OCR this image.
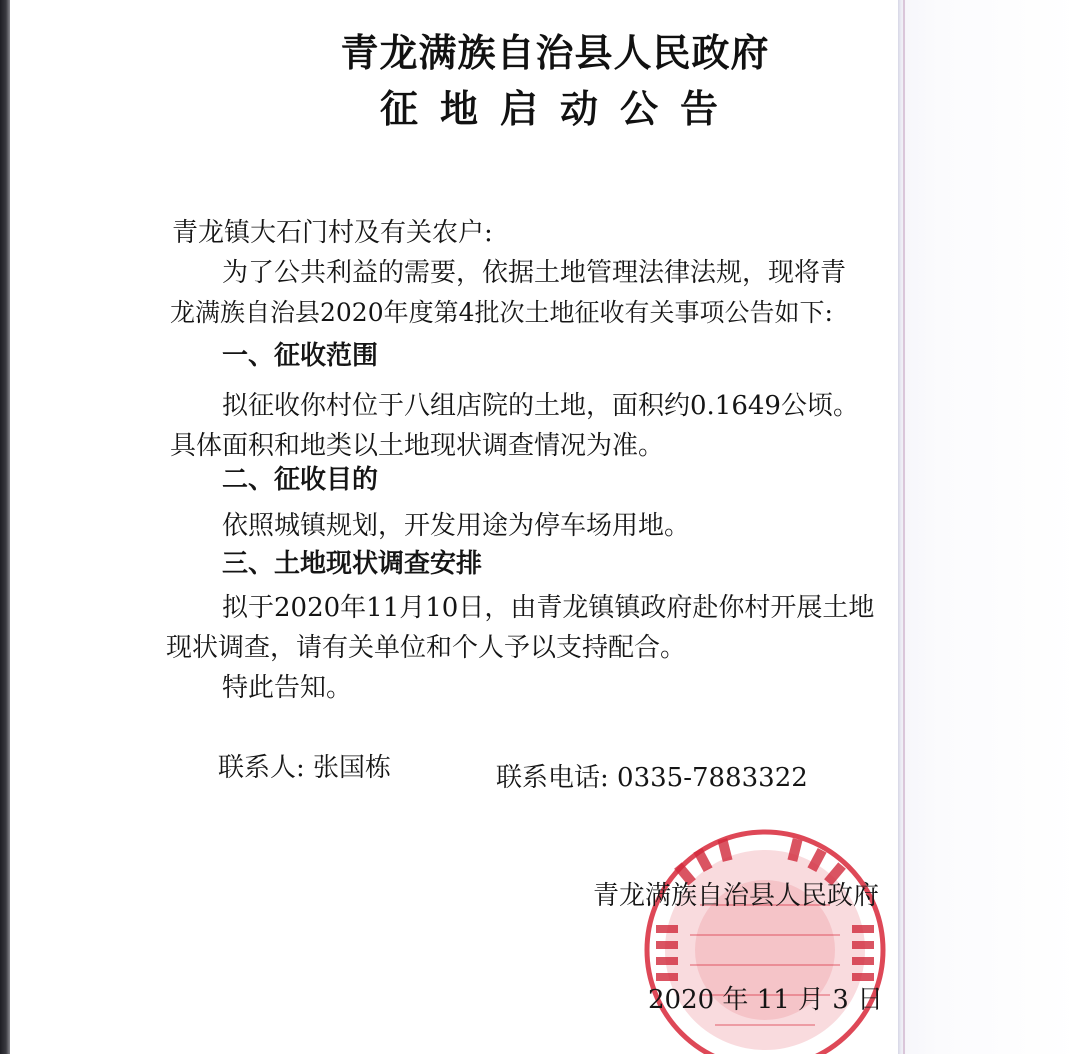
青龙满族自治县人民政府
征地启动公告
青龙镇大石门村及有关农户:
为了公共利益的需要，依据土地管理法律法规，现将青
龙满族自治县2020年度第4批次土地征收有关事项公告如下:
一、征收范围
拟征收你村位于八组店院的土地，面积约0.1649公顷。
具体面积和地类以土地现状调查情况为准。
二、征收目的
依照城镇规划，开发用途为停车场用地。
三、土地现状调查安排
拟于2020年11月10日，由青龙镇镇政府赴你村开展土地
现状调查，请有关单位和个人予以支持配合。
特此告知。
联系人: 张国栋	联系电话: 0335-7883322
青龙满族自治县人民政府
2020 年 11 月 3 日
